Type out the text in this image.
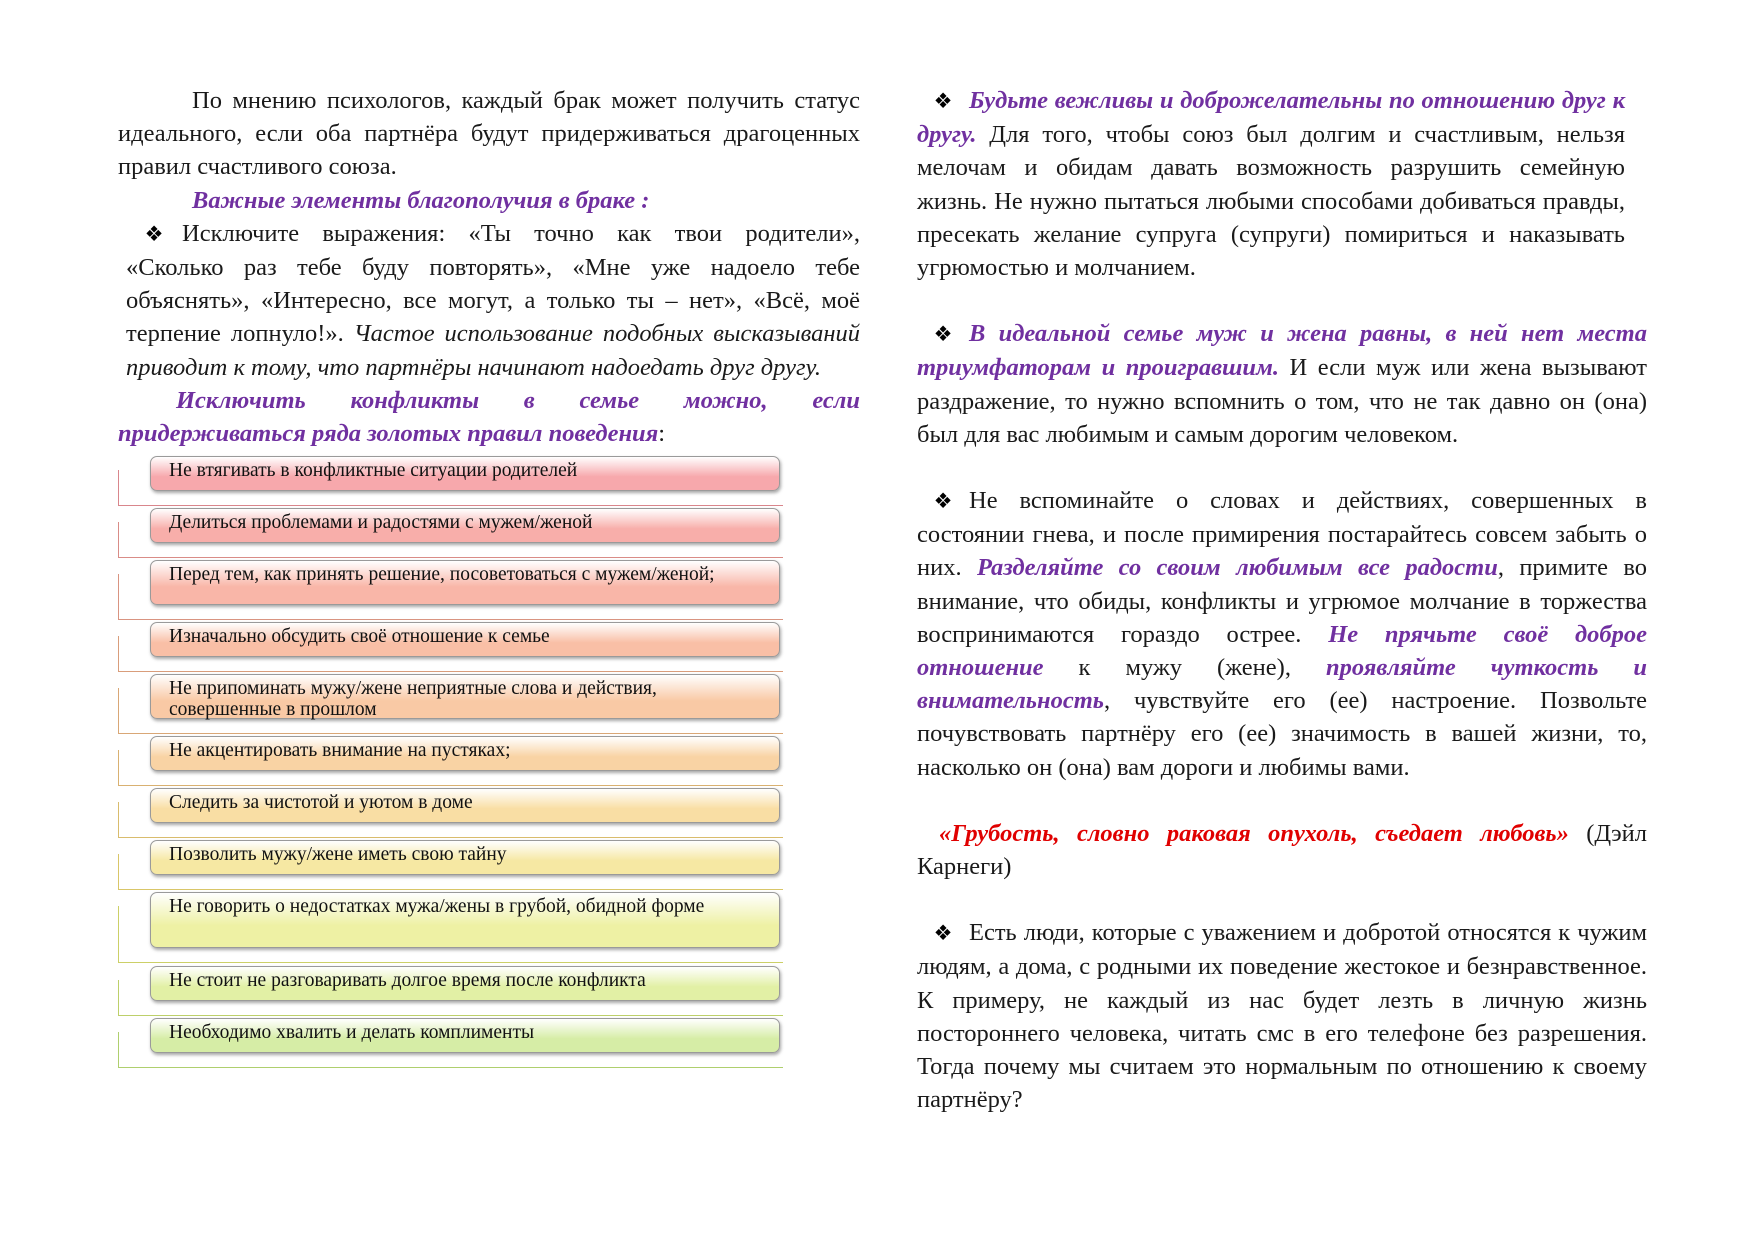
По мнению психологов, каждый брак может получить статус идеального, если оба партнёра будут придерживаться драгоценных правил счастливого союза.

Важные элементы благополучия в браке :

❖ Исключите выражения: «Ты точно как твои родители», «Сколько раз тебе буду повторять», «Мне уже надоело тебе объяснять», «Интересно, все могут, а только ты – нет», «Всё, моё терпение лопнуло!». Частое использование подобных высказываний приводит к тому, что партнёры начинают надоедать друг другу.

Исключить конфликты в семье можно, если придерживаться ряда золотых правил поведения:

Не втягивать в конфликтные ситуации родителей
Делиться проблемами и радостями с мужем/женой
Перед тем, как принять решение, посоветоваться с мужем/женой;
Изначально обсудить своё отношение к семье
Не припоминать мужу/жене неприятные слова и действия, совершенные в прошлом
Не акцентировать внимание на пустяках;
Следить за чистотой и уютом в доме
Позволить мужу/жене иметь свою тайну
Не говорить о недостатках мужа/жены в грубой, обидной форме
Не стоит не разговаривать долгое время после конфликта
Необходимо хвалить и делать комплименты

❖ Будьте вежливы и доброжелательны по отношению друг к другу. Для того, чтобы союз был долгим и счастливым, нельзя мелочам и обидам давать возможность разрушить семейную жизнь. Не нужно пытаться любыми способами добиваться правды, пресекать желание супруга (супруги) помириться и наказывать угрюмостью и молчанием.

❖ В идеальной семье муж и жена равны, в ней нет места триумфаторам и проигравшим. И если муж или жена вызывают раздражение, то нужно вспомнить о том, что не так давно он (она) был для вас любимым и самым дорогим человеком.

❖ Не вспоминайте о словах и действиях, совершенных в состоянии гнева, и после примирения постарайтесь совсем забыть о них. Разделяйте со своим любимым все радости, примите во внимание, что обиды, конфликты и угрюмое молчание в торжества воспринимаются гораздо острее. Не прячьте своё доброе отношение к мужу (жене), проявляйте чуткость и внимательность, чувствуйте его (ее) настроение. Позвольте почувствовать партнёру его (ее) значимость в вашей жизни, то, насколько он (она) вам дороги и любимы вами.

«Грубость, словно раковая опухоль, съедает любовь» (Дэйл Карнеги)

❖ Есть люди, которые с уважением и добротой относятся к чужим людям, а дома, с родными их поведение жестокое и безнравственное. К примеру, не каждый из нас будет лезть в личную жизнь постороннего человека, читать смс в его телефоне без разрешения. Тогда почему мы считаем это нормальным по отношению к своему партнёру?
